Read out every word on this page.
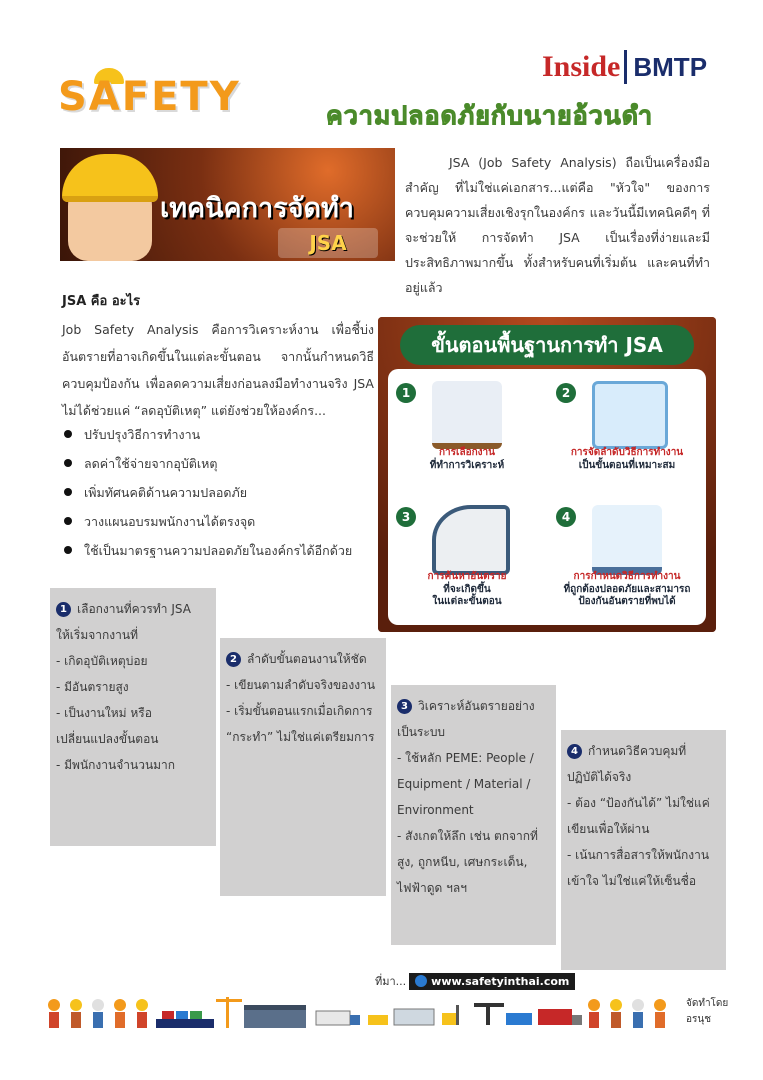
Inside BMTP
SAFETY	ความปลอดภัยกับนายอ้วนดำ
เทคนิคการจัดทำ
JSA
JSA (Job Safety Analysis) ถือเป็นเครื่องมือสำคัญ ที่ไม่ใช่แค่เอกสาร...แต่คือ "หัวใจ" ของการควบคุมความเสี่ยงเชิงรุกในองค์กร และวันนี้มีเทคนิคดีๆ ที่จะช่วยให้ การจัดทำ JSA เป็นเรื่องที่ง่ายและมีประสิทธิภาพมากขึ้น ทั้งสำหรับคนที่เริ่มต้น และคนที่ทำอยู่แล้ว
JSA คือ อะไร
Job Safety Analysis คือการวิเคราะห์งาน เพื่อชี้บ่งอันตรายที่อาจเกิดขึ้นในแต่ละขั้นตอน จากนั้นกำหนดวิธีควบคุมป้องกัน เพื่อลดความเสี่ยงก่อนลงมือทำงานจริง JSA ไม่ได้ช่วยแค่ “ลดอุบัติเหตุ” แต่ยังช่วยให้องค์กร...
ปรับปรุงวิธีการทำงาน
ลดค่าใช้จ่ายจากอุบัติเหตุ
เพิ่มทัศนคติด้านความปลอดภัย
วางแผนอบรมพนักงานได้ตรงจุด
ใช้เป็นมาตรฐานความปลอดภัยในองค์กรได้อีกด้วย
ขั้นตอนพื้นฐานการทำ JSA
1
การเลือกงาน
ที่ทำการวิเคราะห์
2
การจัดลำดับวิธีการทำงาน
เป็นขั้นตอนที่เหมาะสม
3
การค้นหาอันตราย
ที่จะเกิดขึ้น
ในแต่ละขั้นตอน
4
การกำหนดวิธีการทำงาน
ที่ถูกต้องปลอดภัยและสามารถ
ป้องกันอันตรายที่พบได้
1 เลือกงานที่ควรทำ JSA
ให้เริ่มจากงานที่
- เกิดอุบัติเหตุบ่อย
- มีอันตรายสูง
- เป็นงานใหม่ หรือ
เปลี่ยนแปลงขั้นตอน
- มีพนักงานจำนวนมาก
2 ลำดับขั้นตอนงานให้ชัด
- เขียนตามลำดับจริงของงาน
- เริ่มขั้นตอนแรกเมื่อเกิดการ
“กระทำ” ไม่ใช่แค่เตรียมการ
3 วิเคราะห์อันตรายอย่าง
เป็นระบบ
- ใช้หลัก PEME: People /
Equipment / Material /
Environment
- สังเกตให้ลึก เช่น ตกจากที่
สูง, ถูกหนีบ, เศษกระเด็น,
ไฟฟ้าดูด ฯลฯ
4 กำหนดวิธีควบคุมที่
ปฏิบัติได้จริง
- ต้อง “ป้องกันได้” ไม่ใช่แค่
เขียนเพื่อให้ผ่าน
- เน้นการสื่อสารให้พนักงาน
เข้าใจ ไม่ใช่แค่ให้เซ็นชื่อ
ที่มา...	www.safetyinthai.com
จัดทำโดย
อรนุช
